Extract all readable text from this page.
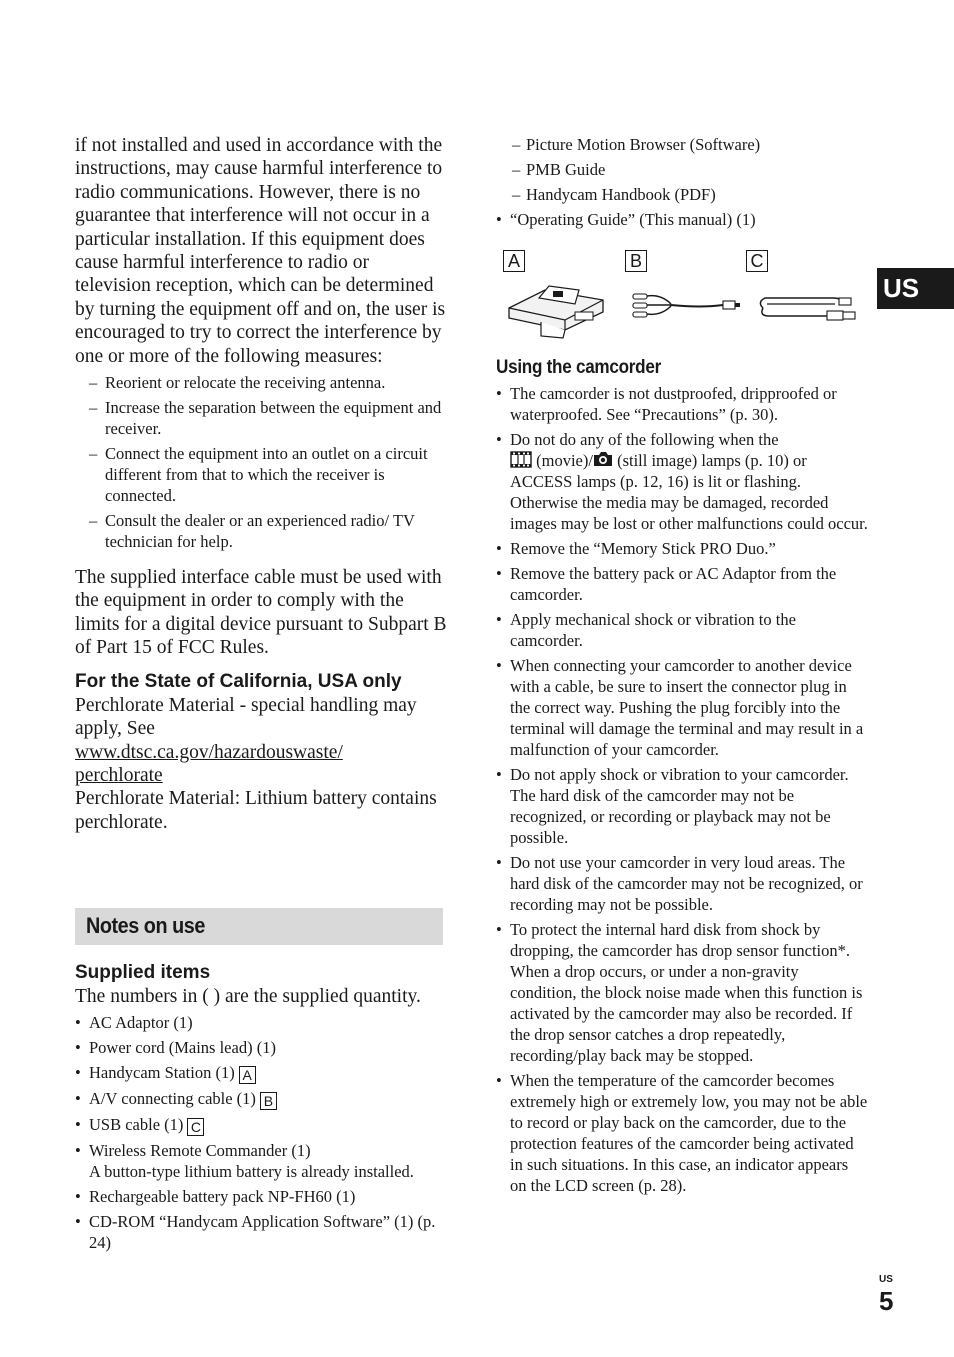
if not installed and used in accordance with the instructions, may cause harmful interference to radio communications. However, there is no guarantee that interference will not occur in a particular installation. If this equipment does cause harmful interference to radio or television reception, which can be determined by turning the equipment off and on, the user is encouraged to try to correct the interference by one or more of the following measures:

– Reorient or relocate the receiving antenna.
– Increase the separation between the equipment and receiver.
– Connect the equipment into an outlet on a circuit different from that to which the receiver is connected.
– Consult the dealer or an experienced radio/ TV technician for help.

The supplied interface cable must be used with the equipment in order to comply with the limits for a digital device pursuant to Subpart B of Part 15 of FCC Rules.

For the State of California, USA only

Perchlorate Material - special handling may apply, See

www.dtsc.ca.gov/hazardouswaste/
perchlorate

Perchlorate Material: Lithium battery contains perchlorate.

Notes on use

Supplied items

The numbers in ( ) are the supplied quantity.

• AC Adaptor (1)
• Power cord (Mains lead) (1)
• Handycam Station (1) A
• A/V connecting cable (1) B
• USB cable (1) C
• Wireless Remote Commander (1)
A button-type lithium battery is already installed.
• Rechargeable battery pack NP-FH60 (1)
• CD-ROM “Handycam Application Software” (1) (p. 24)
– Picture Motion Browser (Software)
– PMB Guide
– Handycam Handbook (PDF)
• “Operating Guide” (This manual) (1)
A	B	C

Using the camcorder

• The camcorder is not dustproofed, dripproofed or waterproofed. See “Precautions” (p. 30).
• Do not do any of the following when the
(movie)/ (still image) lamps (p. 10) or ACCESS lamps (p. 12, 16) is lit or flashing. Otherwise the media may be damaged, recorded images may be lost or other malfunctions could occur.
• Remove the “Memory Stick PRO Duo.”
• Remove the battery pack or AC Adaptor from the camcorder.
• Apply mechanical shock or vibration to the camcorder.
• When connecting your camcorder to another device with a cable, be sure to insert the connector plug in the correct way. Pushing the plug forcibly into the terminal will damage the terminal and may result in a malfunction of your camcorder.
• Do not apply shock or vibration to your camcorder. The hard disk of the camcorder may not be recognized, or recording or playback may not be possible.
• Do not use your camcorder in very loud areas. The hard disk of the camcorder may not be recognized, or recording may not be possible.
• To protect the internal hard disk from shock by dropping, the camcorder has drop sensor function*. When a drop occurs, or under a non-gravity condition, the block noise made when this function is activated by the camcorder may also be recorded. If the drop sensor catches a drop repeatedly, recording/play back may be stopped.
• When the temperature of the camcorder becomes extremely high or extremely low, you may not be able to record or play back on the camcorder, due to the protection features of the camcorder being activated in such situations. In this case, an indicator appears on the LCD screen (p. 28).
US
US
5
